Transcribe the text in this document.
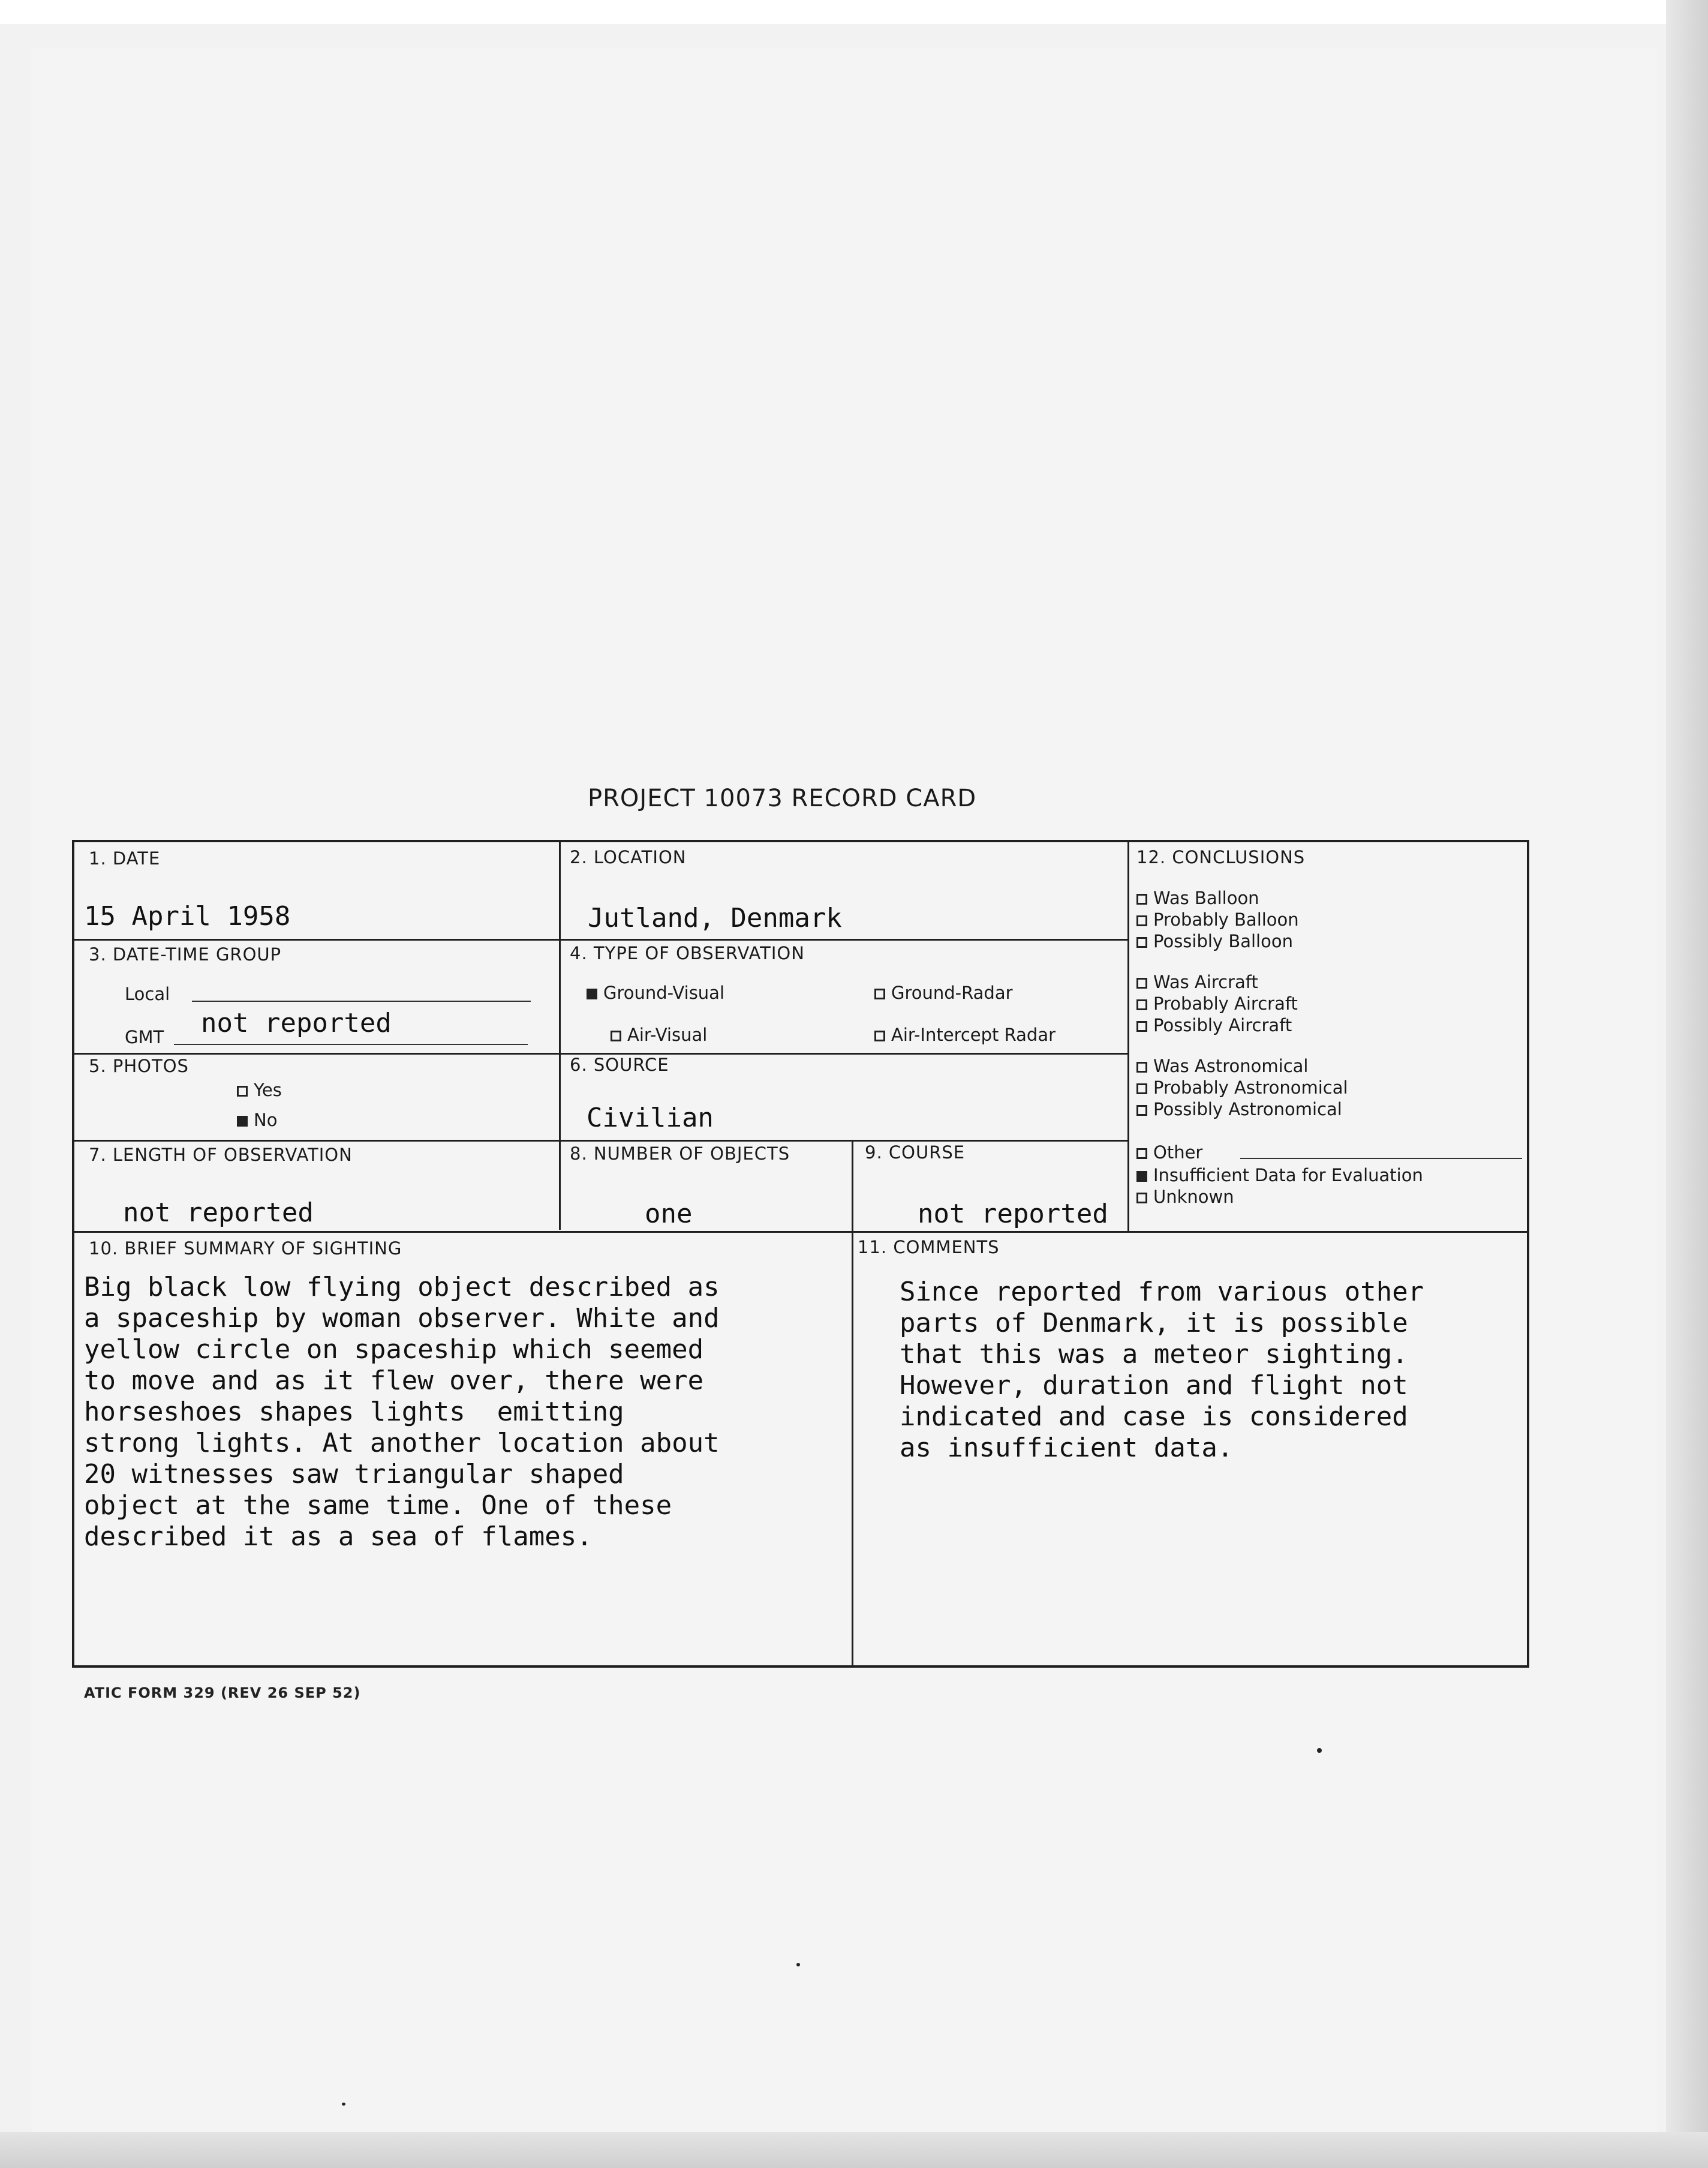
PROJECT 10073 RECORD CARD
1. DATE
15 April 1958
2. LOCATION
Jutland, Denmark
3. DATE-TIME GROUP
Local
GMT not reported
4. TYPE OF OBSERVATION
Ground-Visual	Ground-Radar
Air-Visual	Air-Intercept Radar
5. PHOTOS
Yes
No
6. SOURCE
Civilian
7. LENGTH OF OBSERVATION
not reported
8. NUMBER OF OBJECTS
one
9. COURSE
not reported
10. BRIEF SUMMARY OF SIGHTING
Big black low flying object described as
a spaceship by woman observer. White and
yellow circle on spaceship which seemed
to move and as it flew over, there were
horseshoes shapes lights  emitting
strong lights. At another location about
20 witnesses saw triangular shaped
object at the same time. One of these
described it as a sea of flames.
11. COMMENTS
Since reported from various other
parts of Denmark, it is possible
that this was a meteor sighting.
However, duration and flight not
indicated and case is considered
as insufficient data.
12. CONCLUSIONS
Was Balloon
Probably Balloon
Possibly Balloon
Was Aircraft
Probably Aircraft
Possibly Aircraft
Was Astronomical
Probably Astronomical
Possibly Astronomical
Other
Insufficient Data for Evaluation
Unknown
ATIC FORM 329 (REV 26 SEP 52)
